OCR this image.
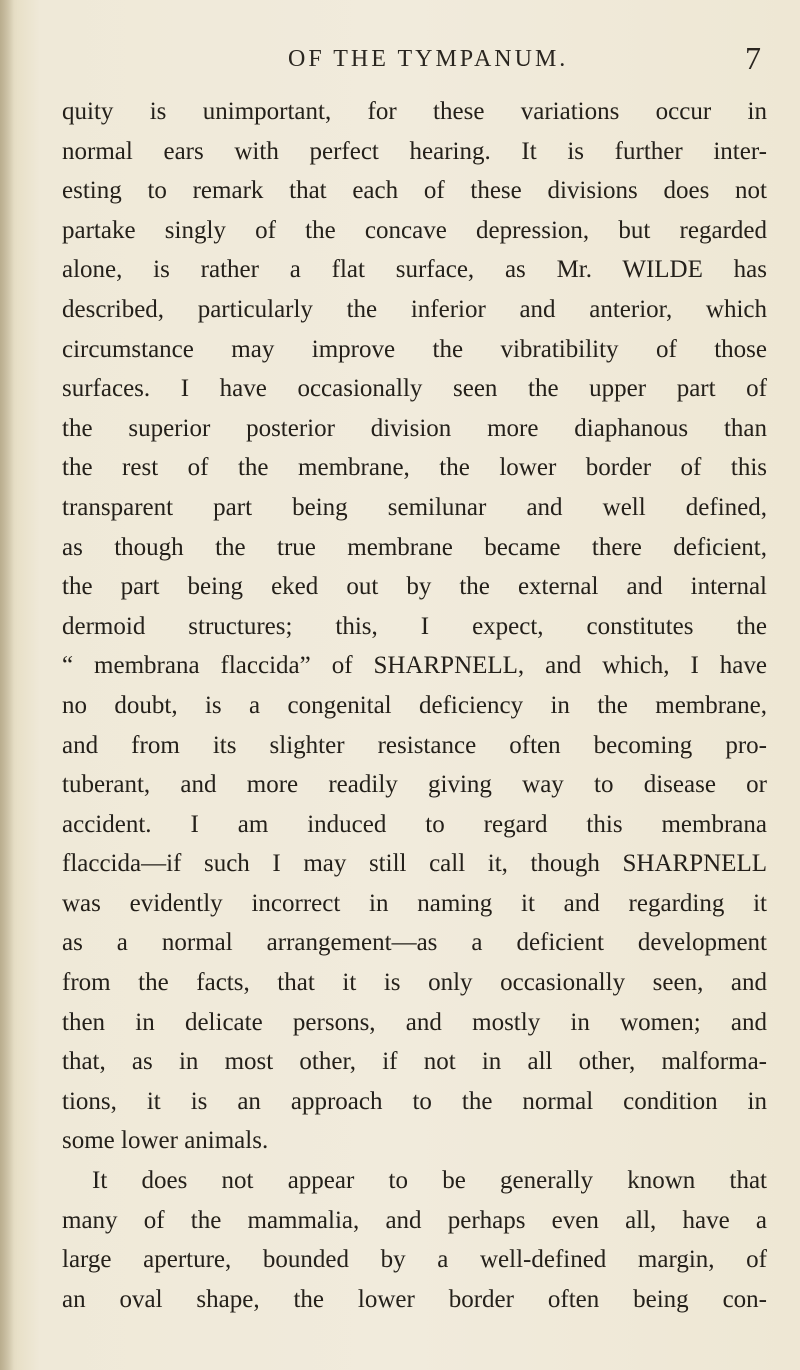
OF THE TYMPANUM.	7
quity is unimportant, for these variations occur in
normal ears with perfect hearing. It is further inter-
esting to remark that each of these divisions does not
partake singly of the concave depression, but regarded
alone, is rather a flat surface, as Mr. WILDE has
described, particularly the inferior and anterior, which
circumstance may improve the vibratibility of those
surfaces. I have occasionally seen the upper part of
the superior posterior division more diaphanous than
the rest of the membrane, the lower border of this
transparent part being semilunar and well defined,
as though the true membrane became there deficient,
the part being eked out by the external and internal
dermoid structures; this, I expect, constitutes the
“ membrana flaccida” of SHARPNELL, and which, I have
no doubt, is a congenital deficiency in the membrane,
and from its slighter resistance often becoming pro-
tuberant, and more readily giving way to disease or
accident. I am induced to regard this membrana
flaccida—if such I may still call it, though SHARPNELL
was evidently incorrect in naming it and regarding it
as a normal arrangement—as a deficient development
from the facts, that it is only occasionally seen, and
then in delicate persons, and mostly in women; and
that, as in most other, if not in all other, malforma-
tions, it is an approach to the normal condition in
some lower animals.
It does not appear to be generally known that
many of the mammalia, and perhaps even all, have a
large aperture, bounded by a well-defined margin, of
an oval shape, the lower border often being con-
